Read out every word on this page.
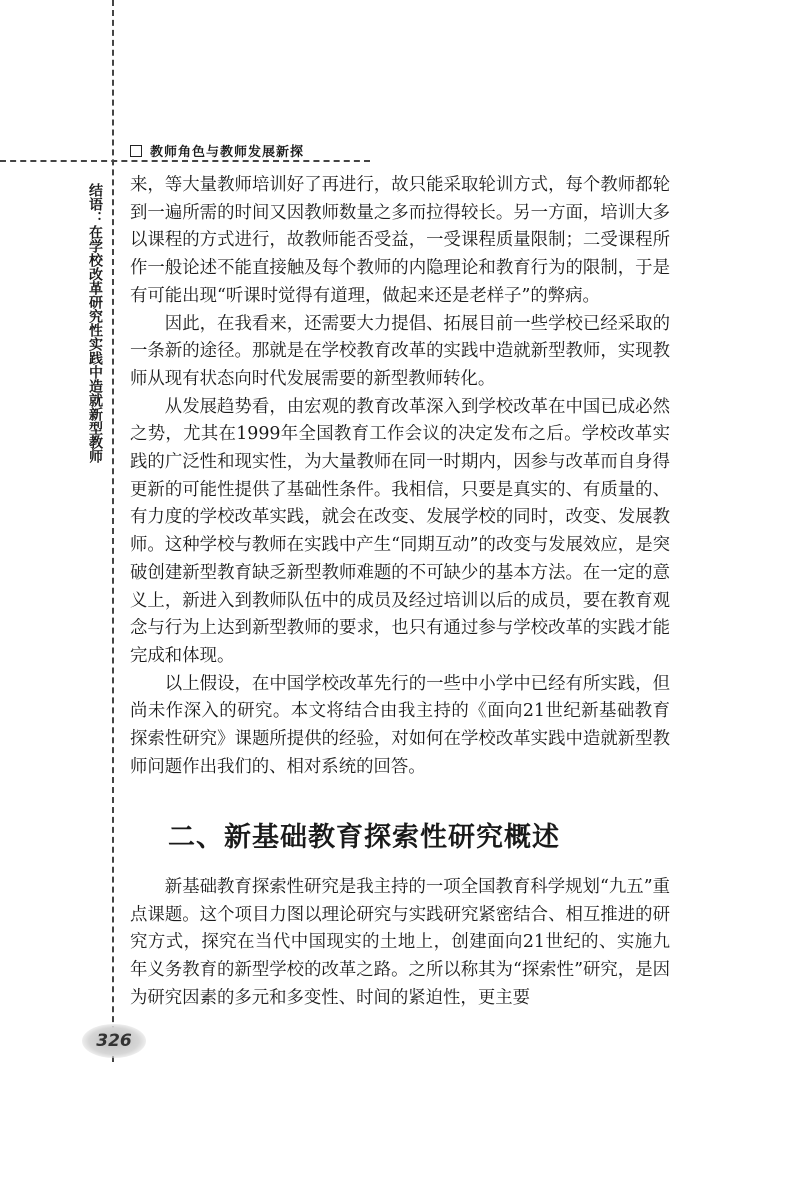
教师角色与教师发展新探
结语：在学校改革研究性实践中造就新型教师 来，等大量教师培训好了再进行，故只能采取轮训方式，每个教师都轮到一遍所需的时间又因教师数量之多而拉得较长。另一方面，培训大多以课程的方式进行，故教师能否受益，一受课程质量限制；二受课程所作一般论述不能直接触及每个教师的内隐理论和教育行为的限制，于是有可能出现“听课时觉得有道理，做起来还是老样子”的弊病。

因此，在我看来，还需要大力提倡、拓展目前一些学校已经采取的一条新的途径。那就是在学校教育改革的实践中造就新型教师，实现教师从现有状态向时代发展需要的新型教师转化。

从发展趋势看，由宏观的教育改革深入到学校改革在中国已成必然之势，尤其在1999年全国教育工作会议的决定发布之后。学校改革实践的广泛性和现实性，为大量教师在同一时期内，因参与改革而自身得更新的可能性提供了基础性条件。我相信，只要是真实的、有质量的、有力度的学校改革实践，就会在改变、发展学校的同时，改变、发展教师。这种学校与教师在实践中产生“同期互动”的改变与发展效应，是突破创建新型教育缺乏新型教师难题的不可缺少的基本方法。在一定的意义上，新进入到教师队伍中的成员及经过培训以后的成员，要在教育观念与行为上达到新型教师的要求，也只有通过参与学校改革的实践才能完成和体现。

以上假设，在中国学校改革先行的一些中小学中已经有所实践，但尚未作深入的研究。本文将结合由我主持的《面向21世纪新基础教育探索性研究》课题所提供的经验，对如何在学校改革实践中造就新型教师问题作出我们的、相对系统的回答。

二、新基础教育探索性研究概述

新基础教育探索性研究是我主持的一项全国教育科学规划“九五”重点课题。这个项目力图以理论研究与实践研究紧密结合、相互推进的研究方式，探究在当代中国现实的土地上，创建面向21世纪的、实施九年义务教育的新型学校的改革之路。之所以称其为“探索性”研究，是因为研究因素的多元和多变性、时间的紧迫性，更主要

326
